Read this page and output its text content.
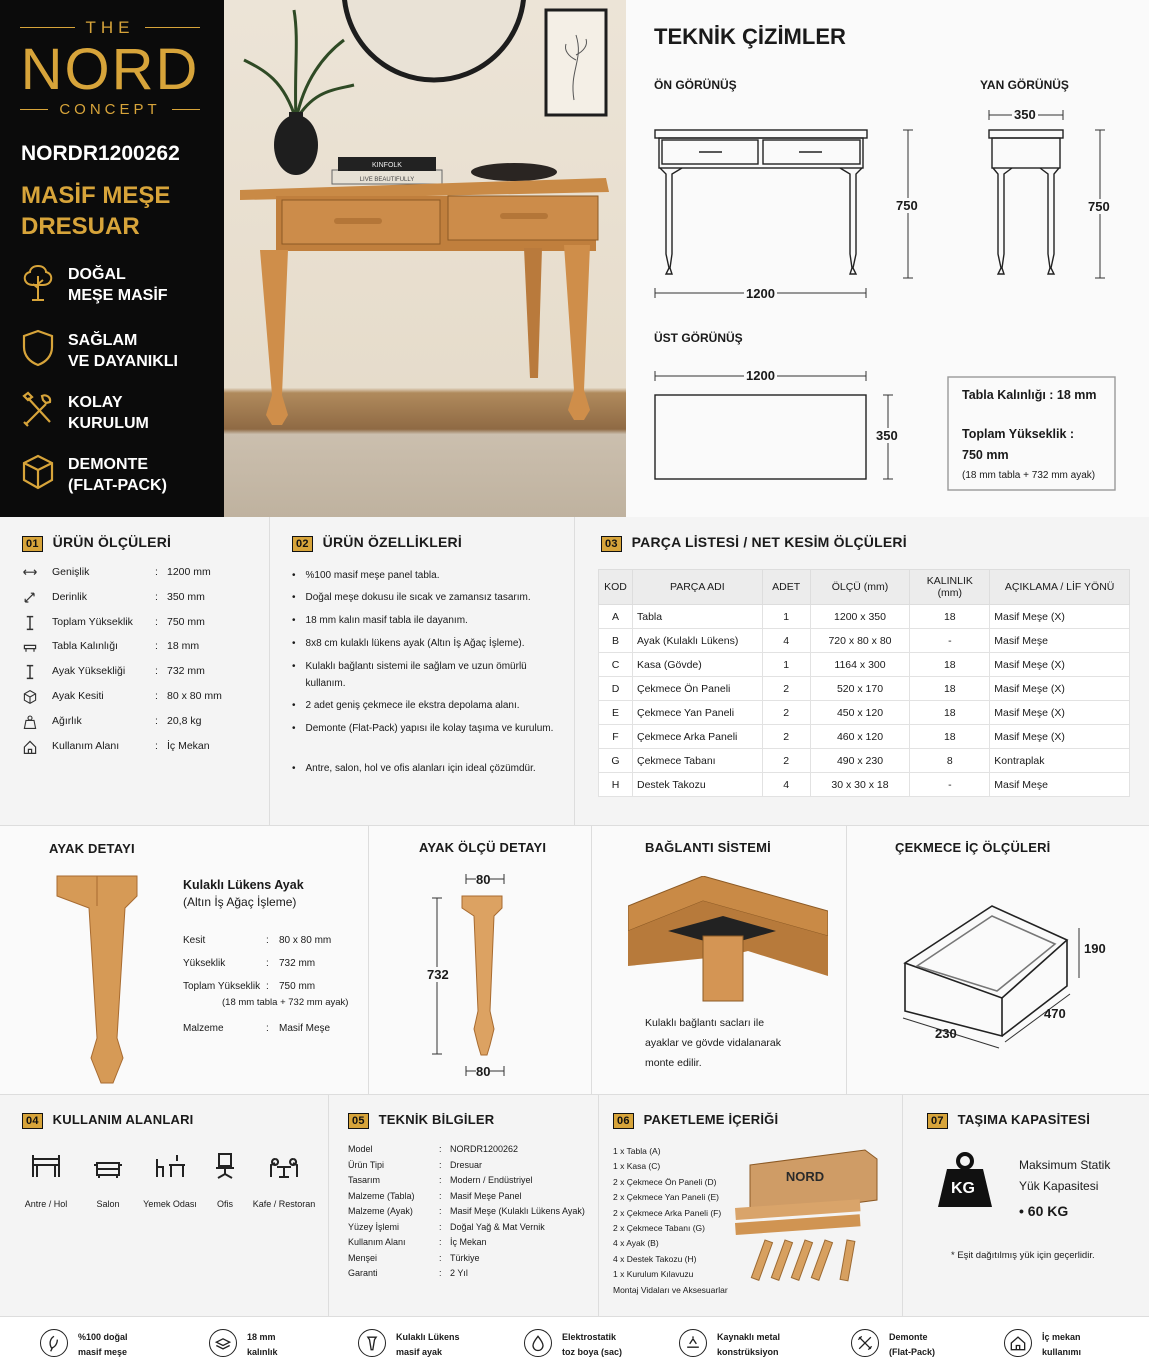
THE
NORD
CONCEPT
NORDR1200262
MASİF MEŞE
DRESUAR
DOĞAL
MEŞE MASİF
SAĞLAM
VE DAYANIKLI
KOLAY
KURULUM
DEMONTE
(FLAT-PACK)
KINFOLK
LIVE BEAUTIFULLY
TEKNİK ÇİZİMLER
ÖN GÖRÜNÜŞ	YAN GÖRÜNÜŞ
ÜST GÖRÜNÜŞ
1200
750
350
750
1200
350
Tabla Kalınlığı : 18 mm
Toplam Yükseklik :
750 mm
(18 mm tabla + 732 mm ayak)
01 ÜRÜN ÖLÇÜLERİ
Genişlik	: 1200 mm
Derinlik	: 350 mm
Toplam Yükseklik : 750 mm
Tabla Kalınlığı	: 18 mm
Ayak Yüksekliği	: 732 mm
Ayak Kesiti	: 80 x 80 mm
Ağırlık	: 20,8 kg
Kullanım Alanı	: İç Mekan
02 ÜRÜN ÖZELLİKLERİ
• %100 masif meşe panel tabla.
• Doğal meşe dokusu ile sıcak ve zamansız tasarım.
• 18 mm kalın masif tabla ile dayanım.
• 8x8 cm kulaklı lükens ayak (Altın İş Ağaç İşleme).
• Kulaklı bağlantı sistemi ile sağlam ve uzun ömürlü kullanım.
• 2 adet geniş çekmece ile ekstra depolama alanı.
• Demonte (Flat-Pack) yapısı ile kolay taşıma ve kurulum.
• Antre, salon, hol ve ofis alanları için ideal çözümdür.
03 PARÇA LİSTESİ / NET KESİM ÖLÇÜLERİ
KOD	PARÇA ADI	ADET	ÖLÇÜ (mm)	KALINLIK (mm)	AÇIKLAMA / LİF YÖNÜ
A	Tabla	1	1200 x 350	18	Masif Meşe (X)
B	Ayak (Kulaklı Lükens)	4	720 x 80 x 80	-	Masif Meşe
C	Kasa (Gövde)	1	1164 x 300	18	Masif Meşe (X)
D	Çekmece Ön Paneli	2	520 x 170	18	Masif Meşe (X)
E	Çekmece Yan Paneli	2	450 x 120	18	Masif Meşe (X)
F	Çekmece Arka Paneli	2	460 x 120	18	Masif Meşe (X)
G	Çekmece Tabanı	2	490 x 230	8	Kontraplak
H	Destek Takozu	4	30 x 30 x 18	-	Masif Meşe
AYAK DETAYI
Kulaklı Lükens Ayak
(Altın İş Ağaç İşleme)
Kesit	: 80 x 80 mm
Yükseklik	: 732 mm
Toplam Yükseklik : 750 mm
Malzeme	: Masif Meşe
(18 mm tabla + 732 mm ayak)
AYAK ÖLÇÜ DETAYI
80
80
732
BAĞLANTI SİSTEMİ
Kulaklı bağlantı sacları ile
ayaklar ve gövde vidalanarak
monte edilir.
ÇEKMECE İÇ ÖLÇÜLERİ
230
470
190
04 KULLANIM ALANLARI
Antre / Hol	Salon	Yemek Odası	Ofis	Kafe / Restoran
05 TEKNİK BİLGİLER
Model	: NORDR1200262
Ürün Tipi	: Dresuar
Tasarım	: Modern / Endüstriyel
Malzeme (Tabla)	: Masif Meşe Panel
Malzeme (Ayak)	: Masif Meşe (Kulaklı Lükens Ayak)
Yüzey İşlemi	: Doğal Yağ & Mat Vernik
Kullanım Alanı	: İç Mekan
Menşei	: Türkiye
Garanti	: 2 Yıl
06 PAKETLEME İÇERİĞİ
1 x Tabla (A)
1 x Kasa (C)
2 x Çekmece Ön Paneli (D)
2 x Çekmece Yan Paneli (E)
2 x Çekmece Arka Paneli (F)
2 x Çekmece Tabanı (G)
4 x Ayak (B)
4 x Destek Takozu (H)
1 x Kurulum Kılavuzu
Montaj Vidaları ve Aksesuarlar
NORD
07 TAŞIMA KAPASİTESİ
KG
Maksimum Statik
Yük Kapasitesi
• 60 KG
* Eşit dağıtılmış yük için geçerlidir.
%100 doğal
masif meşe
18 mm
kalınlık
Kulaklı Lükens
masif ayak
Elektrostatik
toz boya (sac)
Kaynaklı metal
konstrüksiyon
Demonte
(Flat-Pack)
İç mekan
kullanımı
